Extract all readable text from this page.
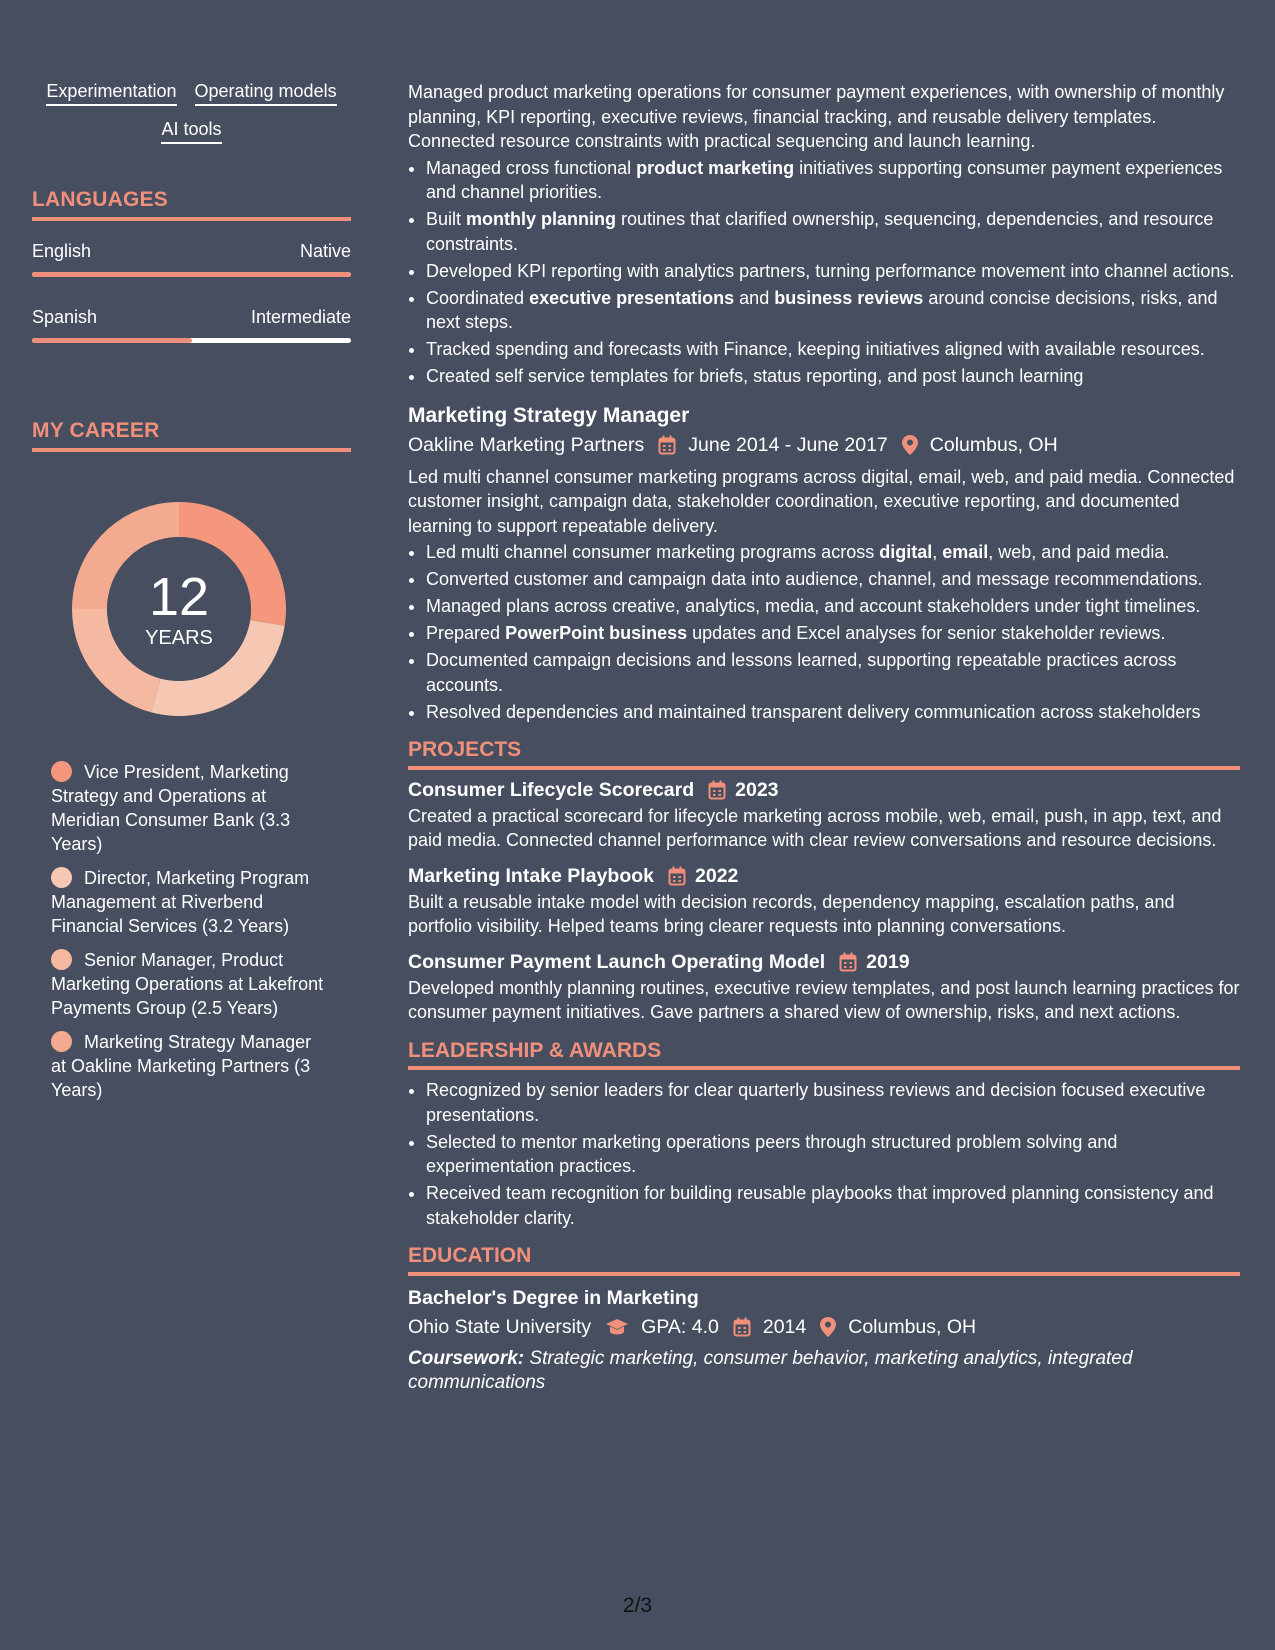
Experimentation Operating models
AI tools
LANGUAGES
English	Native
Spanish	Intermediate
MY CAREER
12
YEARS
Vice President, Marketing Strategy and Operations at Meridian Consumer Bank (3.3 Years)
Director, Marketing Program Management at Riverbend Financial Services (3.2 Years)
Senior Manager, Product Marketing Operations at Lakefront Payments Group (2.5 Years)
Marketing Strategy Manager at Oakline Marketing Partners (3 Years)

Managed product marketing operations for consumer payment experiences, with ownership of monthly planning, KPI reporting, executive reviews, financial tracking, and reusable delivery templates. Connected resource constraints with practical sequencing and launch learning.

• Managed cross functional product marketing initiatives supporting consumer payment experiences and channel priorities.
• Built monthly planning routines that clarified ownership, sequencing, dependencies, and resource constraints.
• Developed KPI reporting with analytics partners, turning performance movement into channel actions.
• Coordinated executive presentations and business reviews around concise decisions, risks, and next steps.
• Tracked spending and forecasts with Finance, keeping initiatives aligned with available resources.
• Created self service templates for briefs, status reporting, and post launch learning
Marketing Strategy Manager
Oakline Marketing Partners June 2014 - June 2017 Columbus, OH

Led multi channel consumer marketing programs across digital, email, web, and paid media. Connected customer insight, campaign data, stakeholder coordination, executive reporting, and documented learning to support repeatable delivery.

• Led multi channel consumer marketing programs across digital, email, web, and paid media.
• Converted customer and campaign data into audience, channel, and message recommendations.
• Managed plans across creative, analytics, media, and account stakeholders under tight timelines.
• Prepared PowerPoint business updates and Excel analyses for senior stakeholder reviews.
• Documented campaign decisions and lessons learned, supporting repeatable practices across accounts.
• Resolved dependencies and maintained transparent delivery communication across stakeholders
PROJECTS
Consumer Lifecycle Scorecard 2023

Created a practical scorecard for lifecycle marketing across mobile, web, email, push, in app, text, and paid media. Connected channel performance with clear review conversations and resource decisions.

Marketing Intake Playbook 2022

Built a reusable intake model with decision records, dependency mapping, escalation paths, and portfolio visibility. Helped teams bring clearer requests into planning conversations.

Consumer Payment Launch Operating Model 2019

Developed monthly planning routines, executive review templates, and post launch learning practices for consumer payment initiatives. Gave partners a shared view of ownership, risks, and next actions.

LEADERSHIP & AWARDS
• Recognized by senior leaders for clear quarterly business reviews and decision focused executive presentations.
• Selected to mentor marketing operations peers through structured problem solving and experimentation practices.
• Received team recognition for building reusable playbooks that improved planning consistency and stakeholder clarity.
EDUCATION
Bachelor's Degree in Marketing
Ohio State University	GPA: 4.0 2014 Columbus, OH
Coursework: Strategic marketing, consumer behavior, marketing analytics, integrated communications
2/3
